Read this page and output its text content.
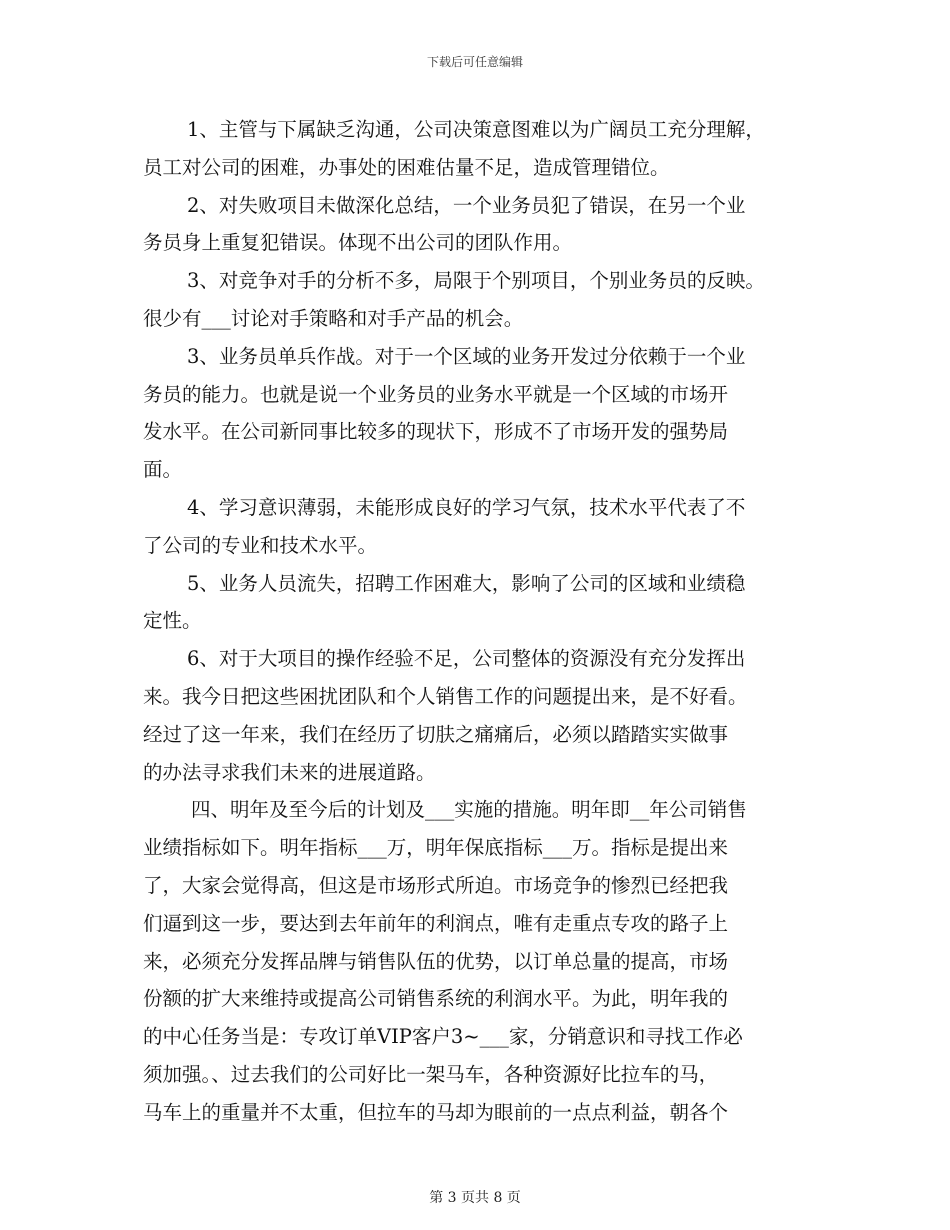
下载后可任意编辑
1、主管与下属缺乏沟通，公司决策意图难以为广阔员工充分理解，
员工对公司的困难，办事处的困难估量不足，造成管理错位。
2、对失败项目未做深化总结，一个业务员犯了错误，在另一个业
务员身上重复犯错误。体现不出公司的团队作用。
3、对竞争对手的分析不多，局限于个别项目，个别业务员的反映。
很少有___讨论对手策略和对手产品的机会。
3、业务员单兵作战。对于一个区域的业务开发过分依赖于一个业
务员的能力。也就是说一个业务员的业务水平就是一个区域的市场开
发水平。在公司新同事比较多的现状下，形成不了市场开发的强势局
面。
4、学习意识薄弱，未能形成良好的学习气氛，技术水平代表了不
了公司的专业和技术水平。
5、业务人员流失，招聘工作困难大，影响了公司的区域和业绩稳
定性。
6、对于大项目的操作经验不足，公司整体的资源没有充分发挥出
来。我今日把这些困扰团队和个人销售工作的问题提出来，是不好看。
经过了这一年来，我们在经历了切肤之痛痛后，必须以踏踏实实做事
的办法寻求我们未来的进展道路。
四、明年及至今后的计划及___实施的措施。明年即__年公司销售
业绩指标如下。明年指标___万，明年保底指标___万。指标是提出来
了，大家会觉得高，但这是市场形式所迫。市场竞争的惨烈已经把我
们逼到这一步，要达到去年前年的利润点，唯有走重点专攻的路子上
来，必须充分发挥品牌与销售队伍的优势，以订单总量的提高，市场
份额的扩大来维持或提高公司销售系统的利润水平。为此，明年我的
的中心任务当是：专攻订单VIP客户3~___家，分销意识和寻找工作必
须加强。、过去我们的公司好比一架马车，各种资源好比拉车的马，
马车上的重量并不太重，但拉车的马却为眼前的一点点利益，朝各个
第 3 页共 8 页
